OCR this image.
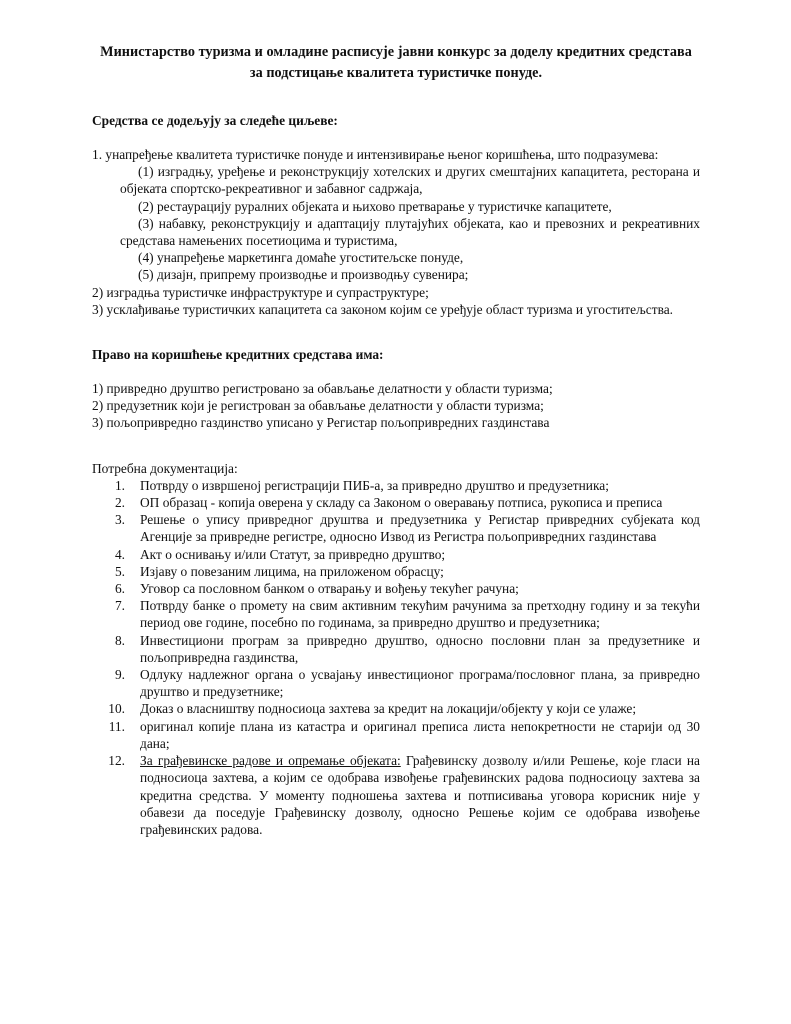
Министарство туризма и омладине расписује јавни конкурс за доделу кредитних средстава за подстицање квалитета туристичке понуде.
Средства се додељују за следеће циљеве:

1. унапређење квалитета туристичке понуде и интензивирање њеног коришћења, што подразумева:

(1) изградњу, уређење и реконструкцију хотелских и других смештајних капацитета, ресторана и објеката спортско-рекреативног и забавног садржаја,

(2) рестаурацију руралних објеката и њихово претварање у туристичке капацитете,

(3) набавку, реконструкцију и адаптацију плутајућих објеката, као и превозних и рекреативних средстава намењених посетиоцима и туристима,

(4) унапређење маркетинга домаће угоститељске понуде,

(5) дизајн, припрему производње и производњу сувенира;

2) изградња туристичке инфраструктуре и супраструктуре;

3) усклађивање туристичких капацитета са законом којим се уређује област туризма и угоститељства.

Право на коришћење кредитних средстава има:

1) привредно друштво регистровано за обављање делатности у области туризма;

2) предузетник који је регистрован за обављање делатности у области туризма;

3) пољопривредно газдинство уписано у Регистар пољопривредних газдинстава

Потребна документација:

Потврду о извршеној регистрацији ПИБ-а, за привредно друштво и предузетника;
ОП образац - копија оверена у складу са Законом о оверавању потписа, рукописа и преписа
Решење о упису привредног друштва и предузетника у Регистар привредних субјеката код Агенције за привредне регистре, односно Извод из Регистра пољопривредних газдинстава
Акт о оснивању и/или Статут, за привредно друштво;
Изјаву о повезаним лицима, на приложеном обрасцу;
Уговор са пословном банком о отварању и вођењу текућег рачуна;
Потврду банке о промету на свим активним текућим рачунима за претходну годину и за текући период ове године, посебно по годинама, за привредно друштво и предузетника;
Инвестициони програм за привредно друштво, односно пословни план за предузетнике и пољопривредна газдинства,
Одлуку надлежног органа о усвајању инвестиционог програма/пословног плана, за привредно друштво и предузетнике;
Доказ о власништву подносиоца захтева за кредит на локацији/објекту у који се улаже;
оригинал копије плана из катастра и оригинал преписа листа непокретности не старији од 30 дана;
За грађевинске радове и опремање објеката: Грађевинску дозволу и/или Решење, које гласи на подносиоца захтева, а којим се одобрава извођење грађевинских радова подносиоцу захтева за кредитна средства. У моменту подношења захтева и потписивања уговора корисник није у обавези да поседује Грађевинску дозволу, односно Решење којим се одобрава извођење грађевинских радова.
